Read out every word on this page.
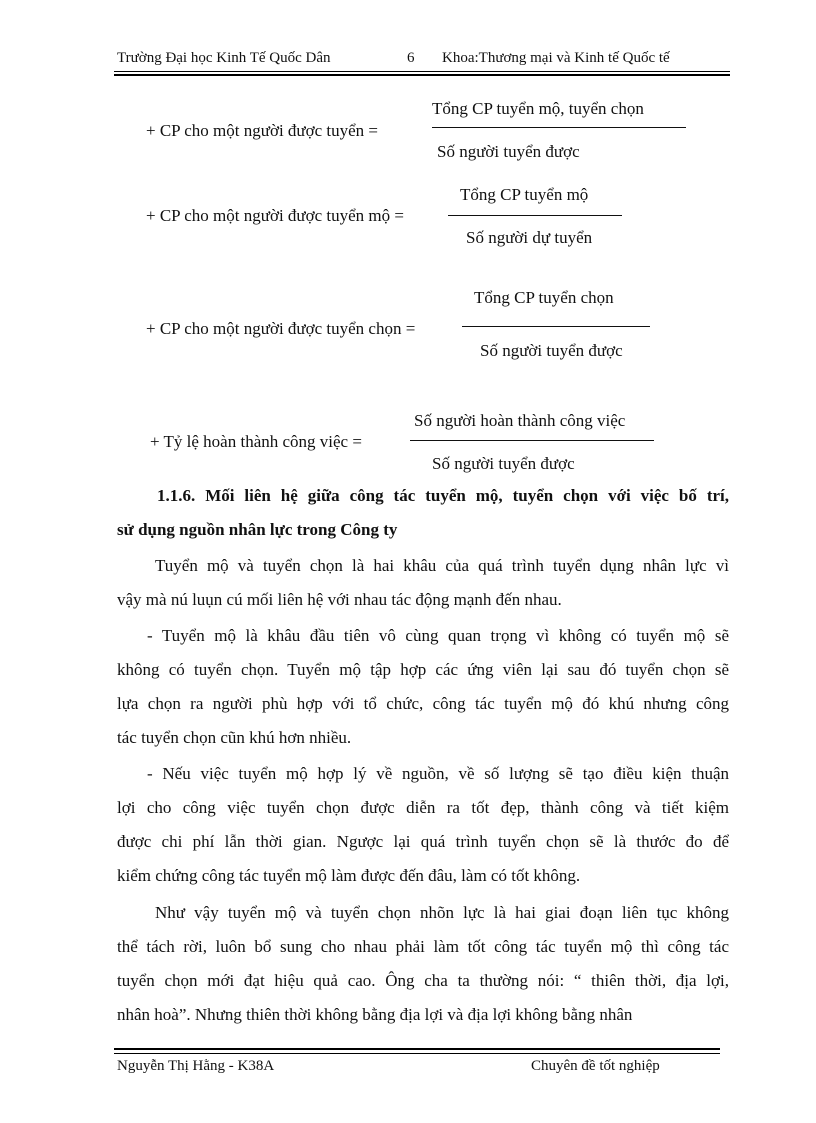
Trường Đại học Kinh Tế Quốc Dân	6 Khoa:Thương mại và Kinh tế Quốc tế
+ CP cho một người được tuyển =
Tổng CP tuyển mộ, tuyển chọn
Số người tuyển được
+ CP cho một người được tuyển mộ =
Tổng CP tuyển mộ
Số người dự tuyển
+ CP cho một người được tuyển chọn =
Tổng CP tuyển chọn
Số người tuyển được
+ Tỷ lệ hoàn thành công việc =
Số người hoàn thành công việc
Số người tuyển được
1.1.6. Mối liên hệ giữa công tác tuyển mộ, tuyển chọn với việc bố trí,
sử dụng nguồn nhân lực trong Công ty
Tuyển mộ và tuyển chọn là hai khâu của quá trình tuyển dụng nhân lực vì
vậy mà nú luụn cú mối liên hệ với nhau tác động mạnh đến nhau.
- Tuyển mộ là khâu đầu tiên vô cùng quan trọng vì không có tuyển mộ sẽ
không có tuyển chọn. Tuyển mộ tập hợp các ứng viên lại sau đó tuyển chọn sẽ
lựa chọn ra người phù hợp với tổ chức, công tác tuyển mộ đó khú nhưng công
tác tuyển chọn cũn khú hơn nhiều.
- Nếu việc tuyển mộ hợp lý về nguồn, về số lượng sẽ tạo điều kiện thuận
lợi cho công việc tuyển chọn được diễn ra tốt đẹp, thành công và tiết kiệm
được chi phí lẫn thời gian. Ngược lại quá trình tuyển chọn sẽ là thước đo để
kiểm chứng công tác tuyển mộ làm được đến đâu, làm có tốt không.
Như vậy tuyển mộ và tuyển chọn nhõn lực là hai giai đoạn liên tục không
thể tách rời, luôn bổ sung cho nhau phải làm tốt công tác tuyển mộ thì công tác
tuyển chọn mới đạt hiệu quả cao. Ông cha ta thường nói: “ thiên thời, địa lợi,
nhân hoà”. Nhưng thiên thời không bằng địa lợi và địa lợi không bằng nhân
Nguyễn Thị Hằng - K38A	Chuyên đề tốt nghiệp
